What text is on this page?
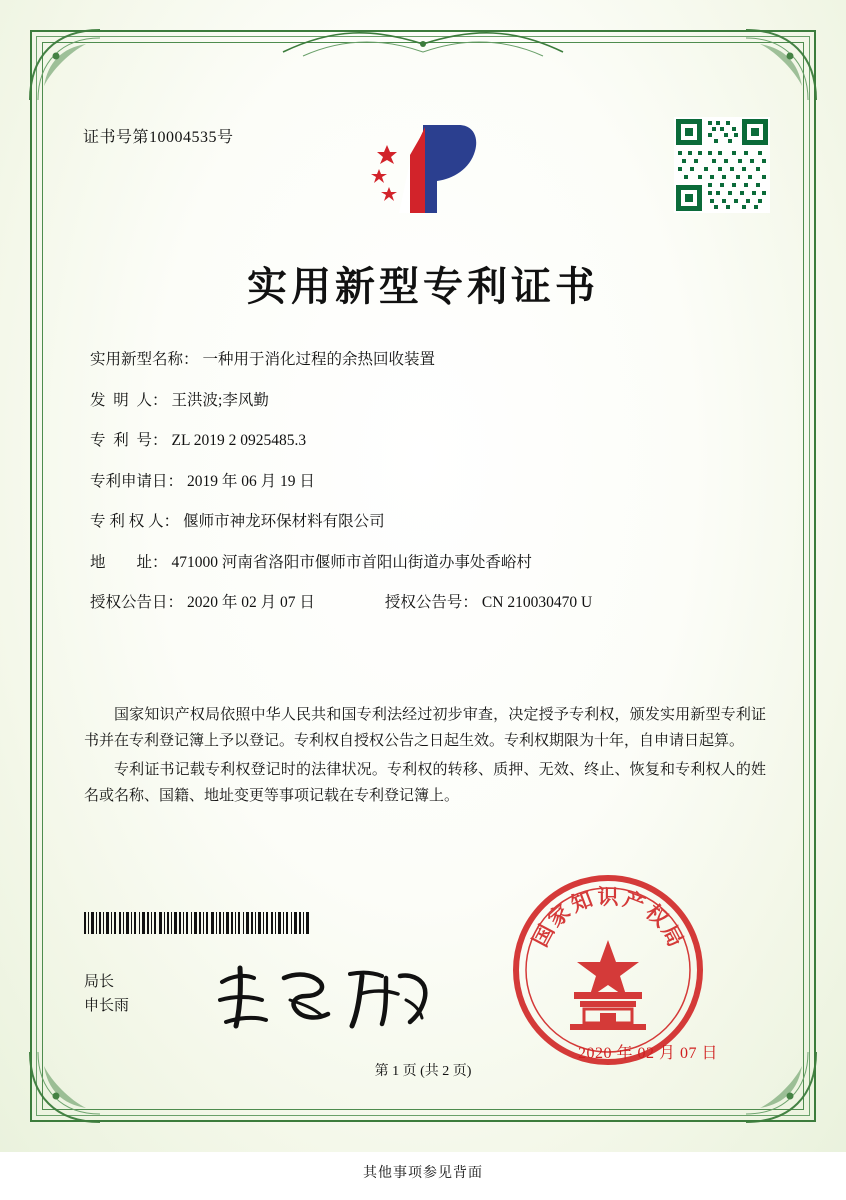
证书号第10004535号
实用新型专利证书
实用新型名称： 一种用于消化过程的余热回收装置
发  明  人： 王洪波;李风勤
专  利  号： ZL 2019 2 0925485.3
专利申请日： 2019 年 06 月 19 日
专 利 权 人： 偃师市神龙环保材料有限公司
地        址： 471000 河南省洛阳市偃师市首阳山街道办事处香峪村
授权公告日： 2020 年 02 月 07 日	授权公告号： CN 210030470 U

国家知识产权局依照中华人民共和国专利法经过初步审查，决定授予专利权，颁发实用新型专利证书并在专利登记簿上予以登记。专利权自授权公告之日起生效。专利权期限为十年，自申请日起算。

专利证书记载专利权登记时的法律状况。专利权的转移、质押、无效、终止、恢复和专利权人的姓名或名称、国籍、地址变更等事项记载在专利登记簿上。

局长
申长雨
国
家
知 识 产
权
局
2020 年 02 月 07 日
第 1 页 (共 2 页)
其他事项参见背面
